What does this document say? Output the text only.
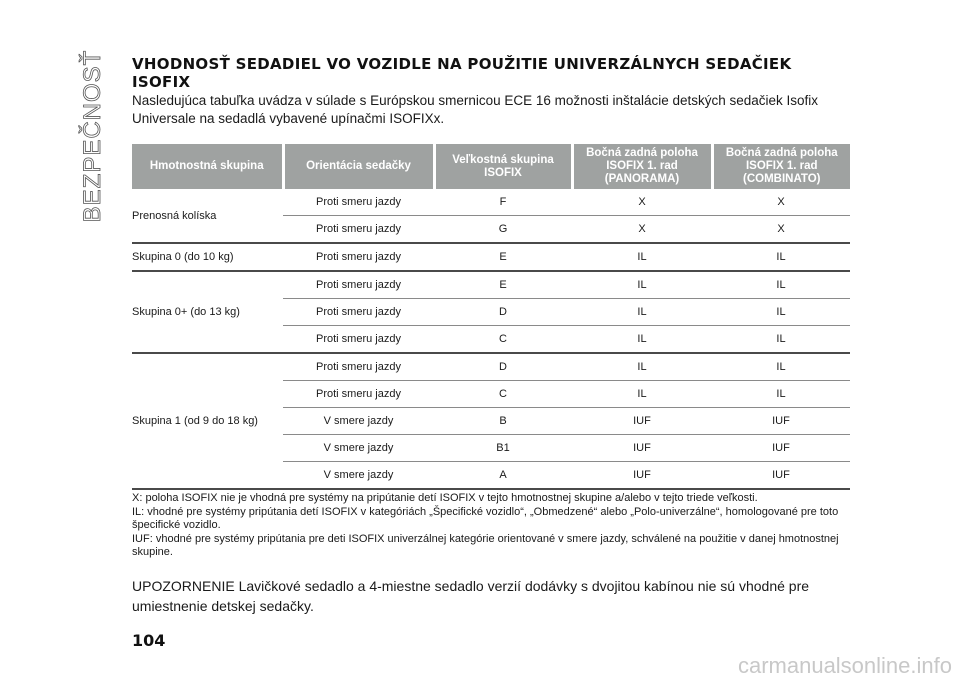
BEZPEČNOSŤ VHODNOSŤ SEDADIEL VO VOZIDLE NA POUŽITIE UNIVERZÁLNYCH SEDAČIEK ISOFIX

Nasledujúca tabuľka uvádza v súlade s Európskou smernicou ECE 16 možnosti inštalácie detských sedačiek Isofix Universale na sedadlá vybavené upínačmi ISOFIXx.

Hmotnostná skupina	Orientácia sedačky	Veľkostná skupina ISOFIX	Bočná zadná poloha ISOFIX 1. rad (PANORAMA)	Bočná zadná poloha ISOFIX 1. rad (COMBINATO)
Prenosná kolíska	Proti smeru jazdy	F	X	X
	Proti smeru jazdy	G	X	X
Skupina 0 (do 10 kg)	Proti smeru jazdy	E	IL	IL
Skupina 0+ (do 13 kg)	Proti smeru jazdy	E	IL	IL
	Proti smeru jazdy	D	IL	IL
	Proti smeru jazdy	C	IL	IL
Skupina 1 (od 9 do 18 kg)	Proti smeru jazdy	D	IL	IL
	Proti smeru jazdy	C	IL	IL
	V smere jazdy	B	IUF	IUF
	V smere jazdy	B1	IUF	IUF
	V smere jazdy	A	IUF	IUF

X: poloha ISOFIX nie je vhodná pre systémy na pripútanie detí ISOFIX v tejto hmotnostnej skupine a/alebo v tejto triede veľkosti.

IL: vhodné pre systémy pripútania detí ISOFIX v kategóriách „Špecifické vozidlo“, „Obmedzené“ alebo „Polo-univerzálne“, homologované pre toto špecifické vozidlo.

IUF: vhodné pre systémy pripútania pre deti ISOFIX univerzálnej kategórie orientované v smere jazdy, schválené na použitie v danej hmotnostnej skupine.

UPOZORNENIE Lavičkové sedadlo a 4-miestne sedadlo verzií dodávky s dvojitou kabínou nie sú vhodné pre umiestnenie detskej sedačky.

104
carmanualsonline.info
